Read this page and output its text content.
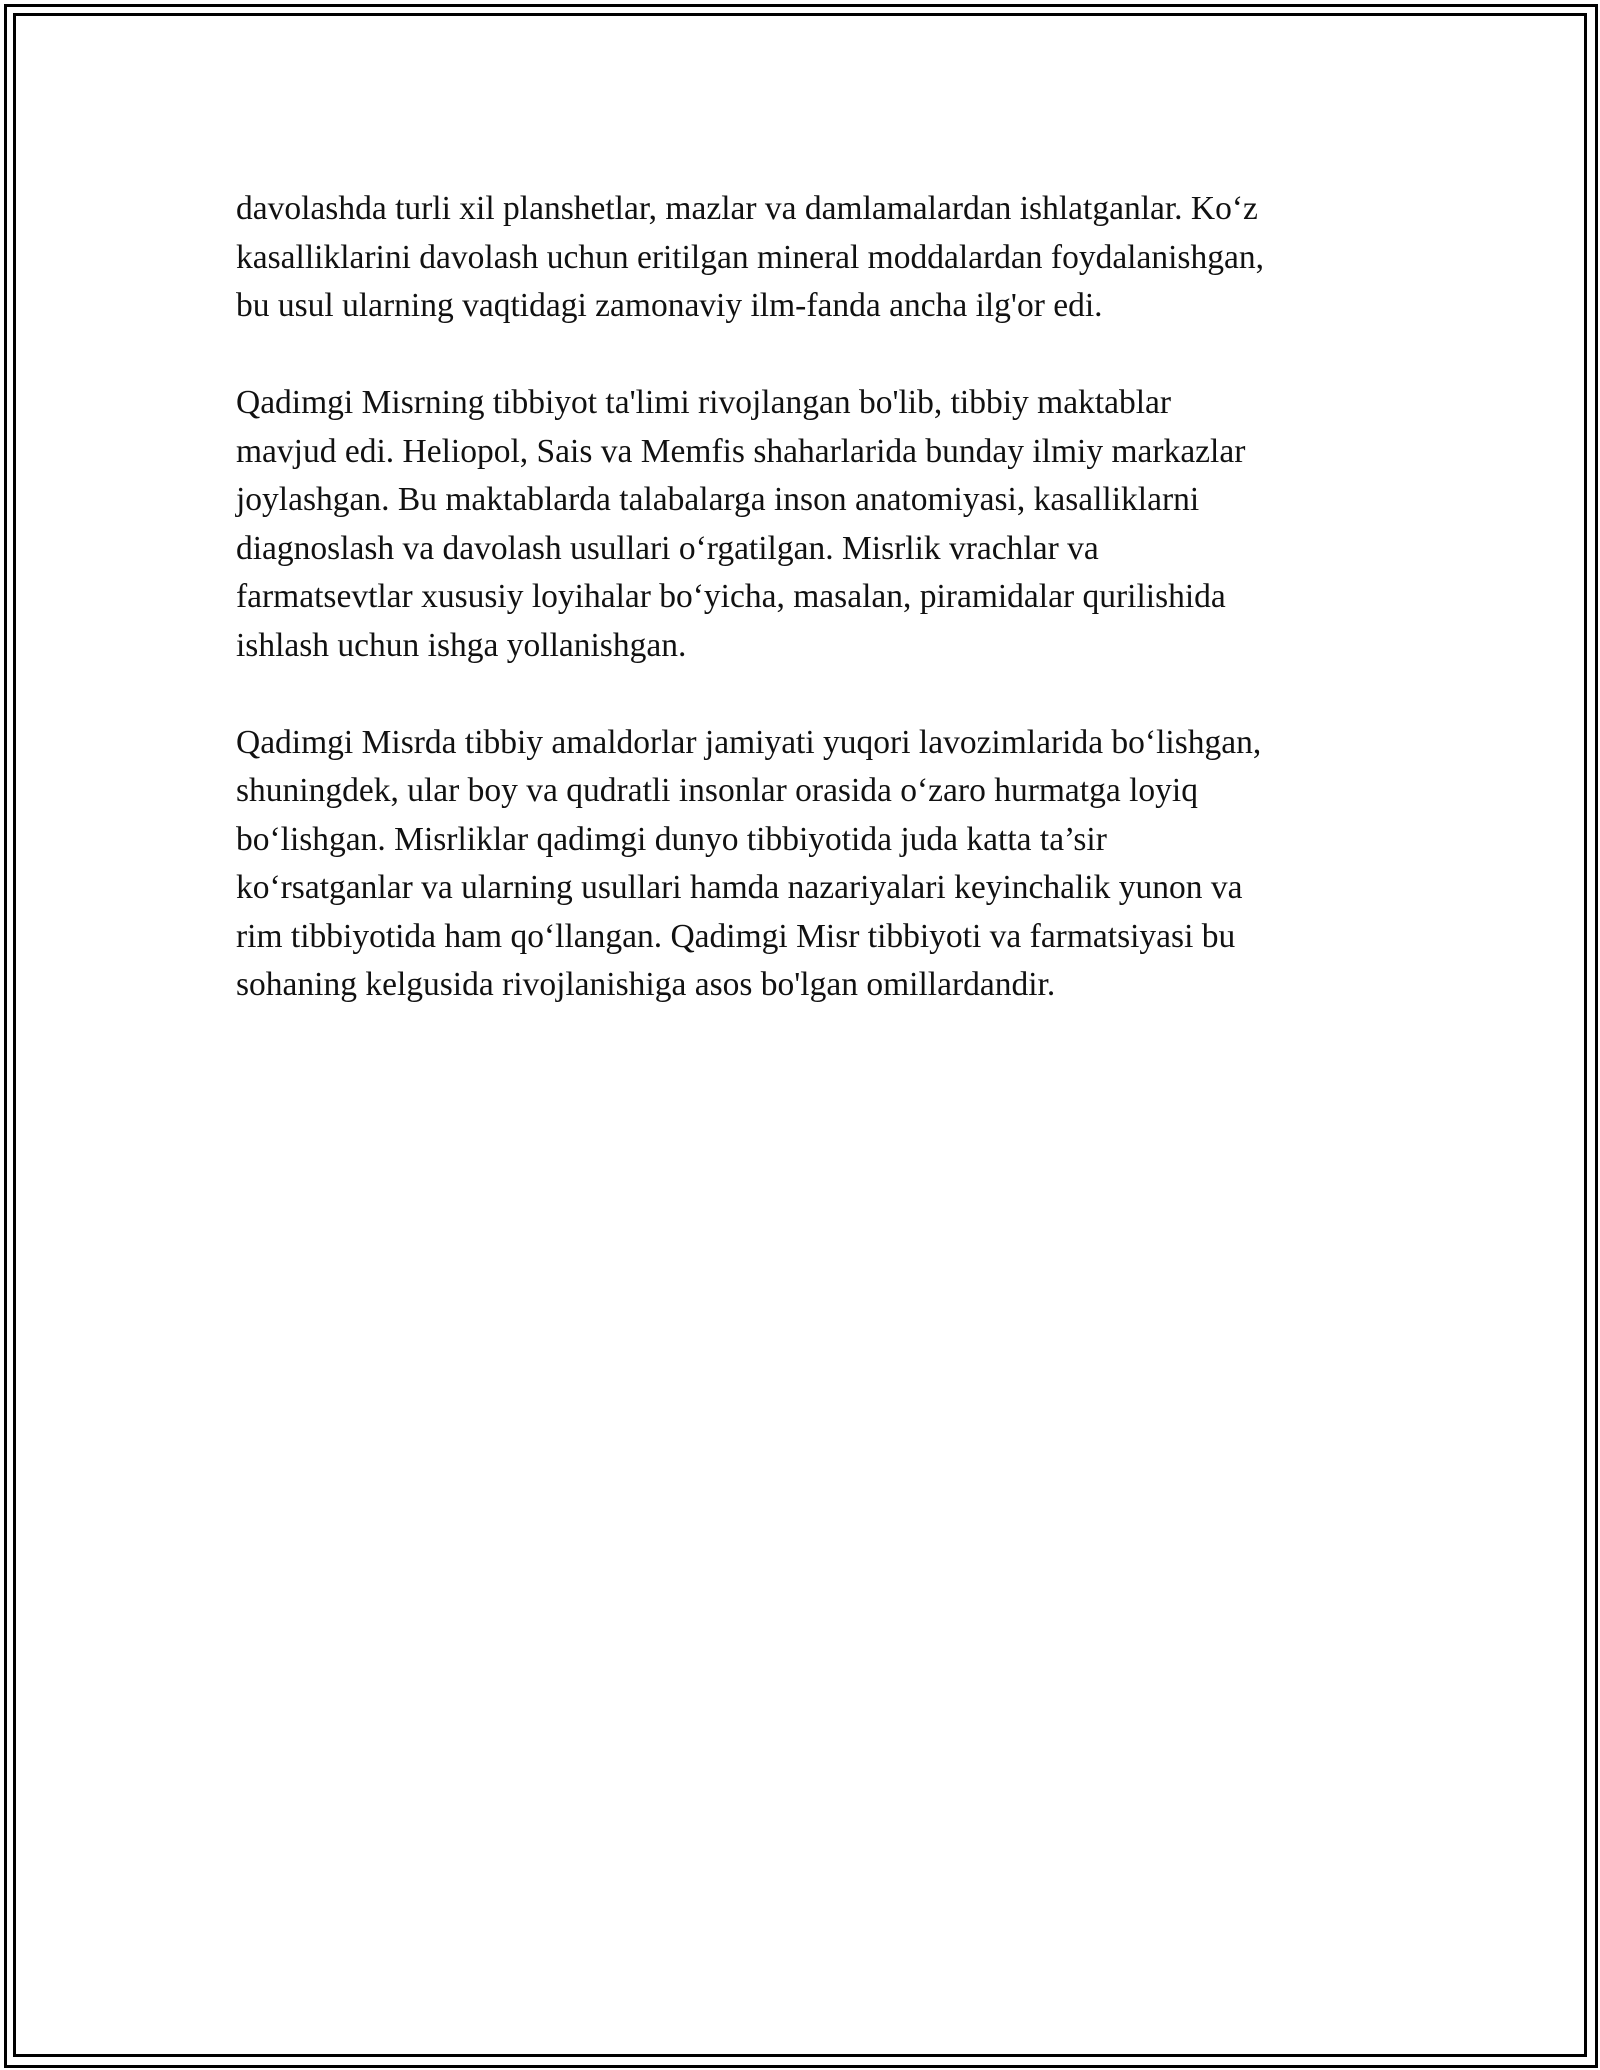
davolashda turli xil planshetlar, mazlar va damlamalardan ishlatganlar. Ko‘z
kasalliklarini davolash uchun eritilgan mineral moddalardan foydalanishgan,
bu usul ularning vaqtidagi zamonaviy ilm-fanda ancha ilg'or edi.

Qadimgi Misrning tibbiyot ta'limi rivojlangan bo'lib, tibbiy maktablar
mavjud edi. Heliopol, Sais va Memfis shaharlarida bunday ilmiy markazlar
joylashgan. Bu maktablarda talabalarga inson anatomiyasi, kasalliklarni
diagnoslash va davolash usullari o‘rgatilgan. Misrlik vrachlar va
farmatsevtlar xususiy loyihalar bo‘yicha, masalan, piramidalar qurilishida
ishlash uchun ishga yollanishgan.

Qadimgi Misrda tibbiy amaldorlar jamiyati yuqori lavozimlarida bo‘lishgan,
shuningdek, ular boy va qudratli insonlar orasida o‘zaro hurmatga loyiq
bo‘lishgan. Misrliklar qadimgi dunyo tibbiyotida juda katta ta’sir
ko‘rsatganlar va ularning usullari hamda nazariyalari keyinchalik yunon va
rim tibbiyotida ham qo‘llangan. Qadimgi Misr tibbiyoti va farmatsiyasi bu
sohaning kelgusida rivojlanishiga asos bo'lgan omillardandir.
